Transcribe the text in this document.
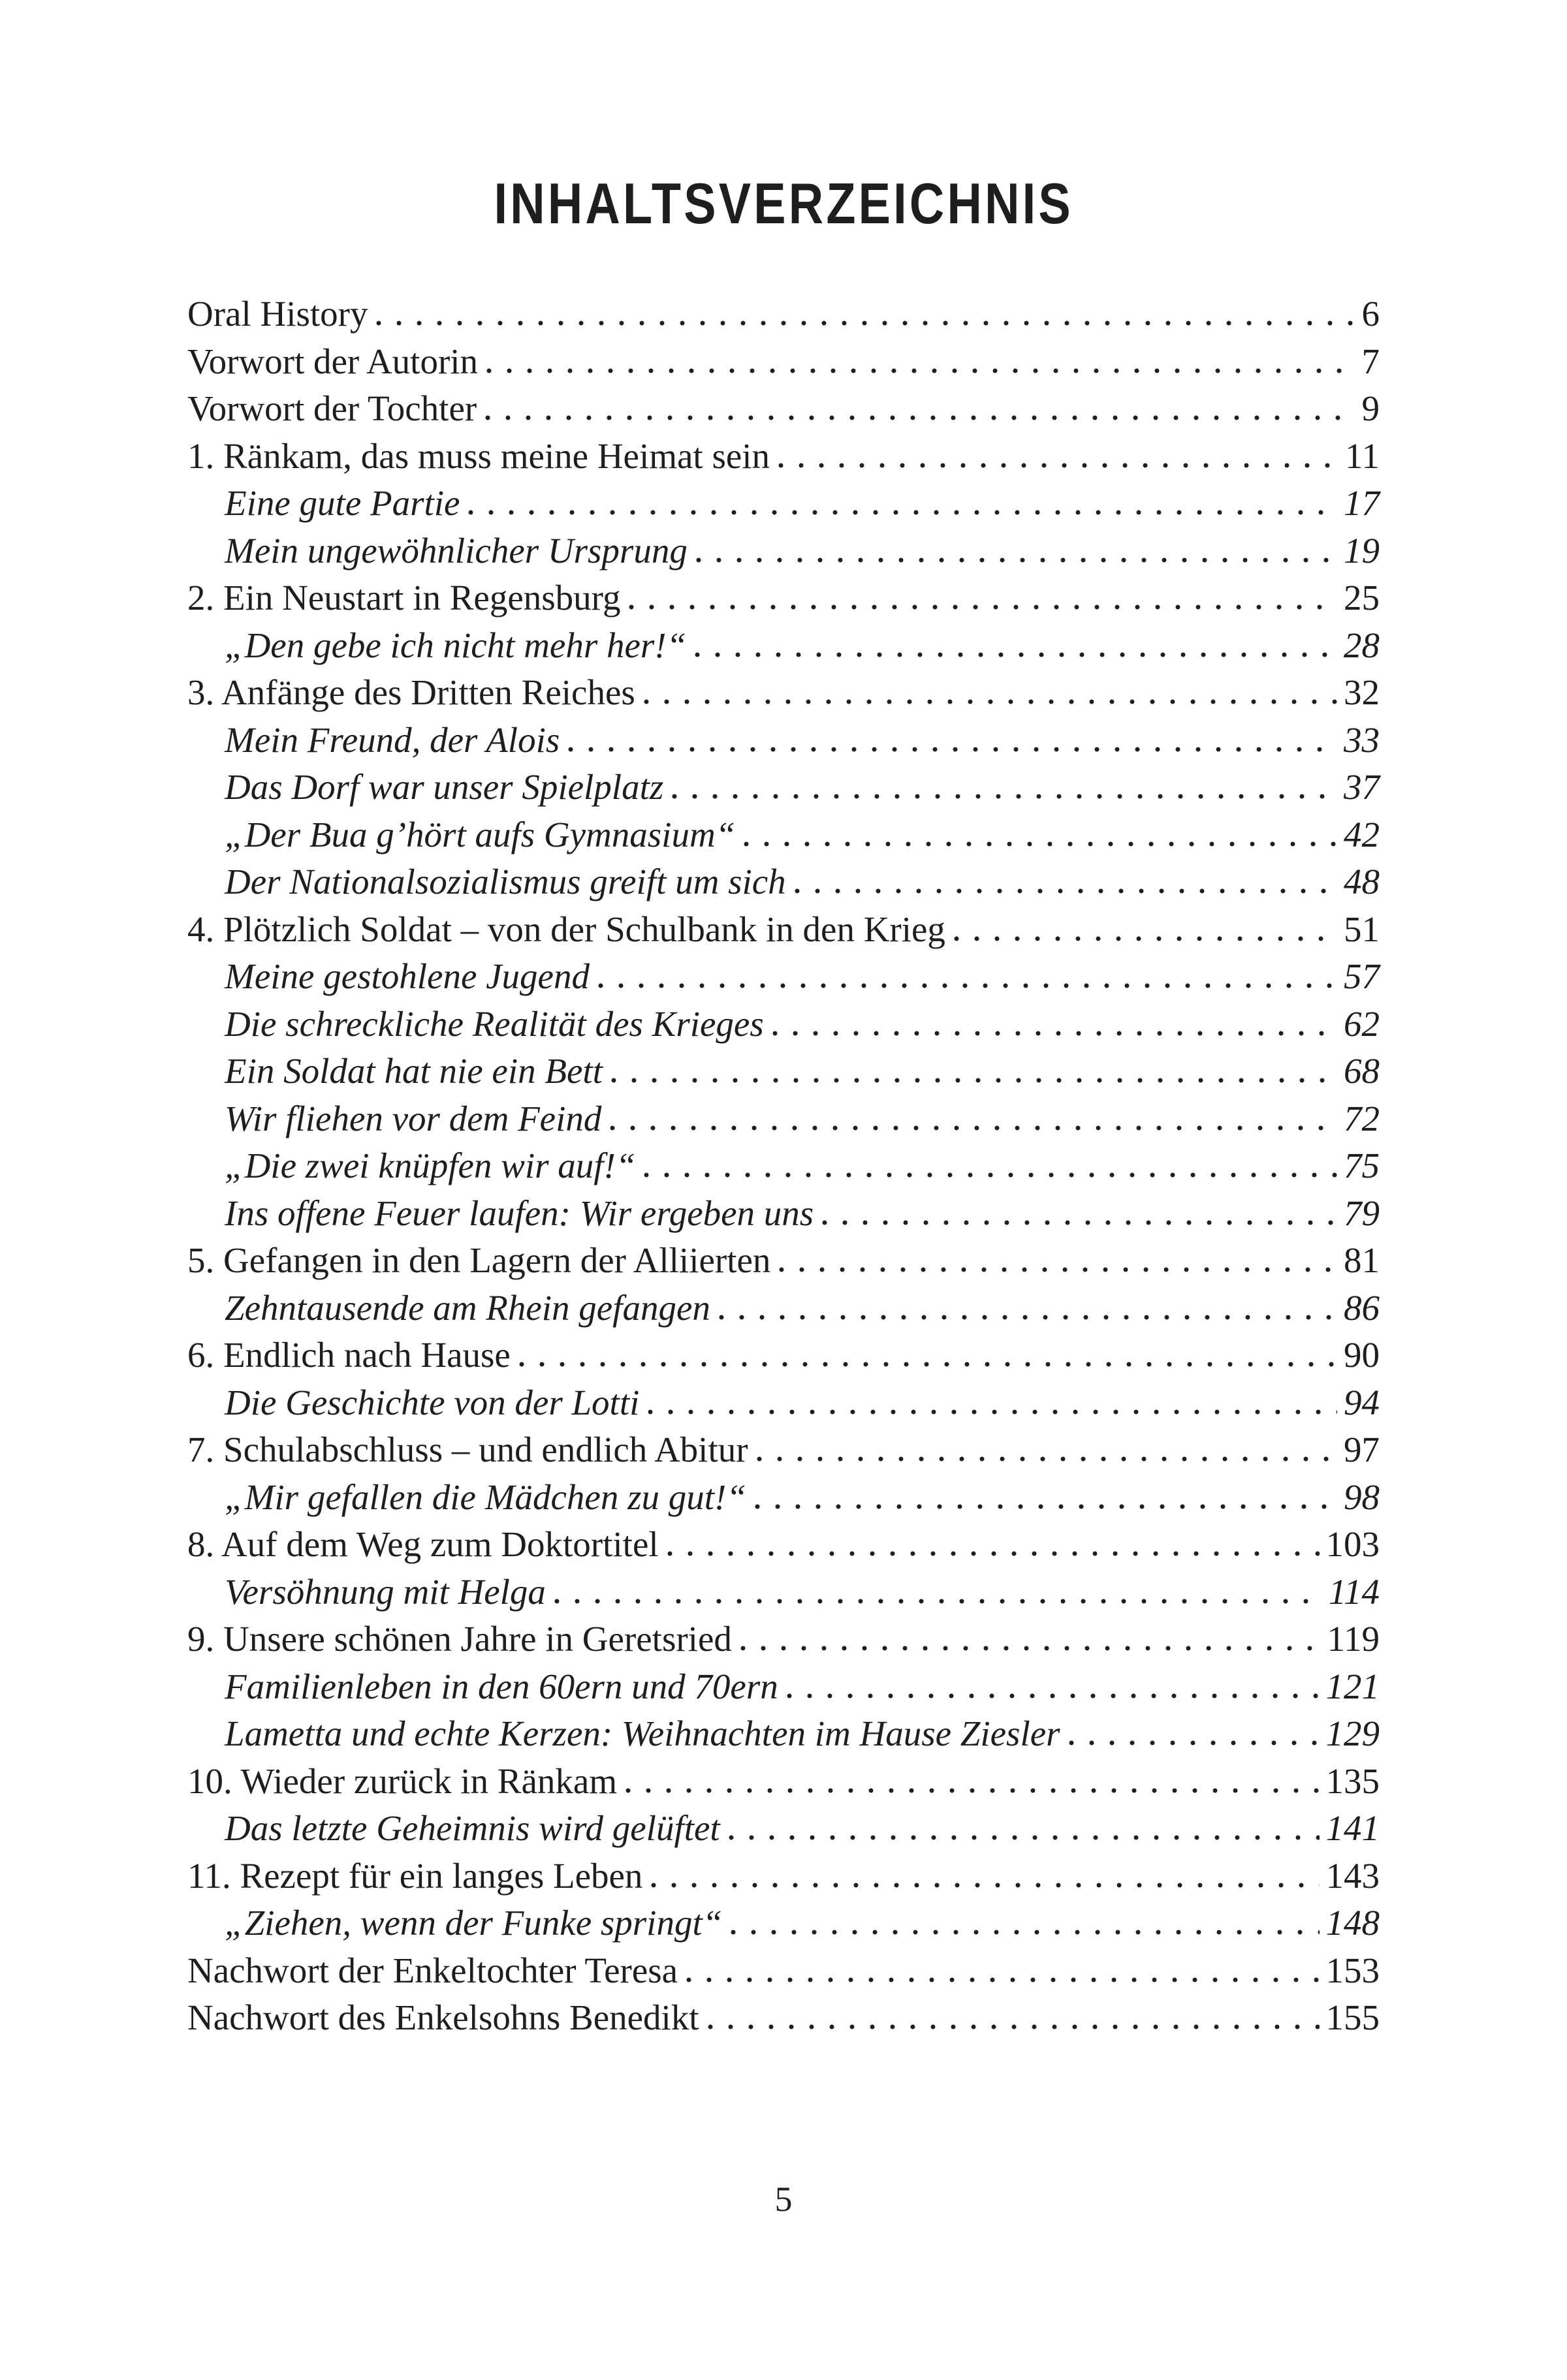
INHALTSVERZEICHNIS
Oral History	6
Vorwort der Autorin	7
Vorwort der Tochter	9
1. Ränkam, das muss meine Heimat sein	11
Eine gute Partie	17
Mein ungewöhnlicher Ursprung	19
2. Ein Neustart in Regensburg	25
„Den gebe ich nicht mehr her!“	28
3. Anfänge des Dritten Reiches	32
Mein Freund, der Alois	33
Das Dorf war unser Spielplatz	37
„Der Bua g’hört aufs Gymnasium“	42
Der Nationalsozialismus greift um sich	48
4. Plötzlich Soldat – von der Schulbank in den Krieg	51
Meine gestohlene Jugend	57
Die schreckliche Realität des Krieges	62
Ein Soldat hat nie ein Bett	68
Wir fliehen vor dem Feind	72
„Die zwei knüpfen wir auf!“	75
Ins offene Feuer laufen: Wir ergeben uns	79
5. Gefangen in den Lagern der Alliierten	81
Zehntausende am Rhein gefangen	86
6. Endlich nach Hause	90
Die Geschichte von der Lotti	94
7. Schulabschluss – und endlich Abitur	97
„Mir gefallen die Mädchen zu gut!“	98
8. Auf dem Weg zum Doktortitel	103
Versöhnung mit Helga	114
9. Unsere schönen Jahre in Geretsried	119
Familienleben in den 60ern und 70ern	121
Lametta und echte Kerzen: Weihnachten im Hause Ziesler	129
10. Wieder zurück in Ränkam	135
Das letzte Geheimnis wird gelüftet	141
11. Rezept für ein langes Leben	143
„Ziehen, wenn der Funke springt“	148
Nachwort der Enkeltochter Teresa	153
Nachwort des Enkelsohns Benedikt	155
5
